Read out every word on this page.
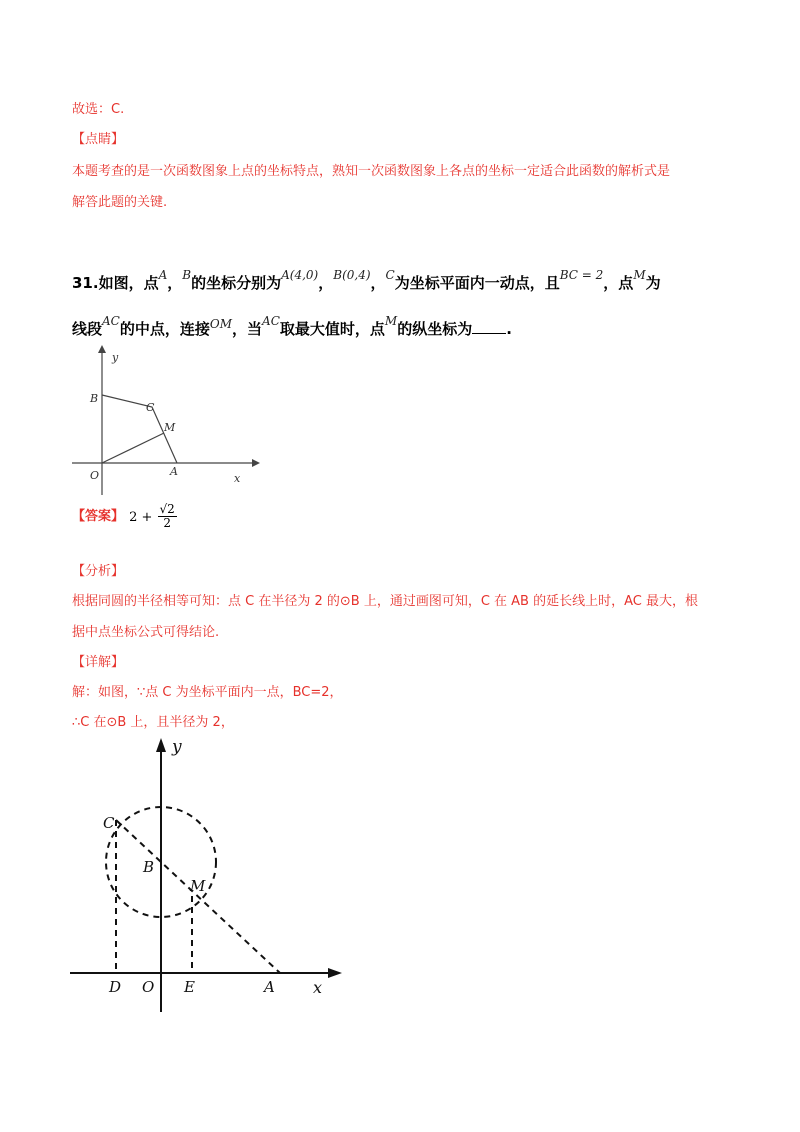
故选：C.
【点睛】
本题考查的是一次函数图象上点的坐标特点，熟知一次函数图象上各点的坐标一定适合此函数的解析式是
解答此题的关键.
31.如图，点$^A$，$^B$的坐标分别为$^{A(4,0)}$，$^{B(0,4)}$，$^C$为坐标平面内一动点，且$^{BC = 2}$，点$^M$为
线段$^{AC}$的中点，连接$^{OM}$，当$^{AC}$取最大值时，点$^M$的纵坐标为 .
y
B
C
M
O	A
x
【答案】 $2 + \frac{√2}{2}$
【分析】
根据同圆的半径相等可知：点 C 在半径为 2 的⊙B 上，通过画图可知，C 在 AB 的延长线上时，AC 最大，根
据中点坐标公式可得结论.
【详解】
解：如图，∵点 C 为坐标平面内一点，BC=2，
∴C 在⊙B 上，且半径为 2，
y
C
B
M
D O E	A x
